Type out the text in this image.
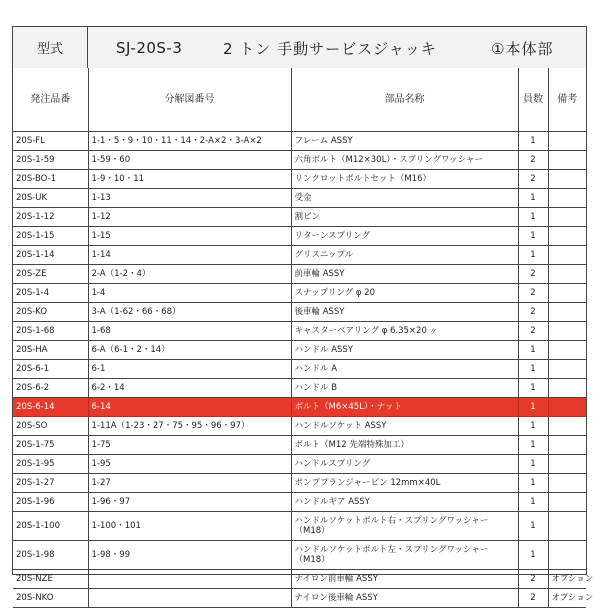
型式	SJ-20S-3	2 トン 手動サービスジャッキ	①本体部
発注品番	分解図番号	部品名称	員数	備考
20S-FL	1-1・5・9・10・11・14・2-A×2・3-A×2	フレーム ASSY	1	
20S-1-59	1-59・60	六角ボルト（M12×30L）・スプリングワッシャー	2	
20S-BO-1	1-9・10・11	リンクロットボルトセット（M16）	2	
20S-UK	1-13	受金	1	
20S-1-12	1-12	割ピン	1	
20S-1-15	1-15	リターンスプリング	1	
20S-1-14	1-14	グリスニップル	1	
20S-ZE	2-A（1-2・4）	前車輪 ASSY	2	
20S-1-4	1-4	スナップリング φ 20	2	
20S-KO	3-A（1-62・66・68）	後車輪 ASSY	2	
20S-1-68	1-68	キャスターベアリング φ 6.35×20 ヶ	2	
20S-HA	6-A（6-1・2・14）	ハンドル ASSY	1	
20S-6-1	6-1	ハンドル A	1	
20S-6-2	6-2・14	ハンドル B	1	
20S-6-14	6-14	ボルト（M6×45L）・ナット	1	
20S-SO	1-11A（1-23・27・75・95・96・97）	ハンドルソケット ASSY	1	
20S-1-75	1-75	ボルト（M12 先端特殊加工）	1	
20S-1-95	1-95	ハンドルスプリング	1	
20S-1-27	1-27	ポンププランジャーピン 12mm×40L	1	
20S-1-96	1-96・97	ハンドルギア ASSY	1	
20S-1-100	1-100・101	ハンドルソケットボルト右・スプリングワッシャー（M18）	1	
20S-1-98	1-98・99	ハンドルソケットボルト左・スプリングワッシャー（M18）	1	
20S-NZE		ナイロン前車輪 ASSY	2	オプション
20S-NKO		ナイロン後車輪 ASSY	2	オプション
